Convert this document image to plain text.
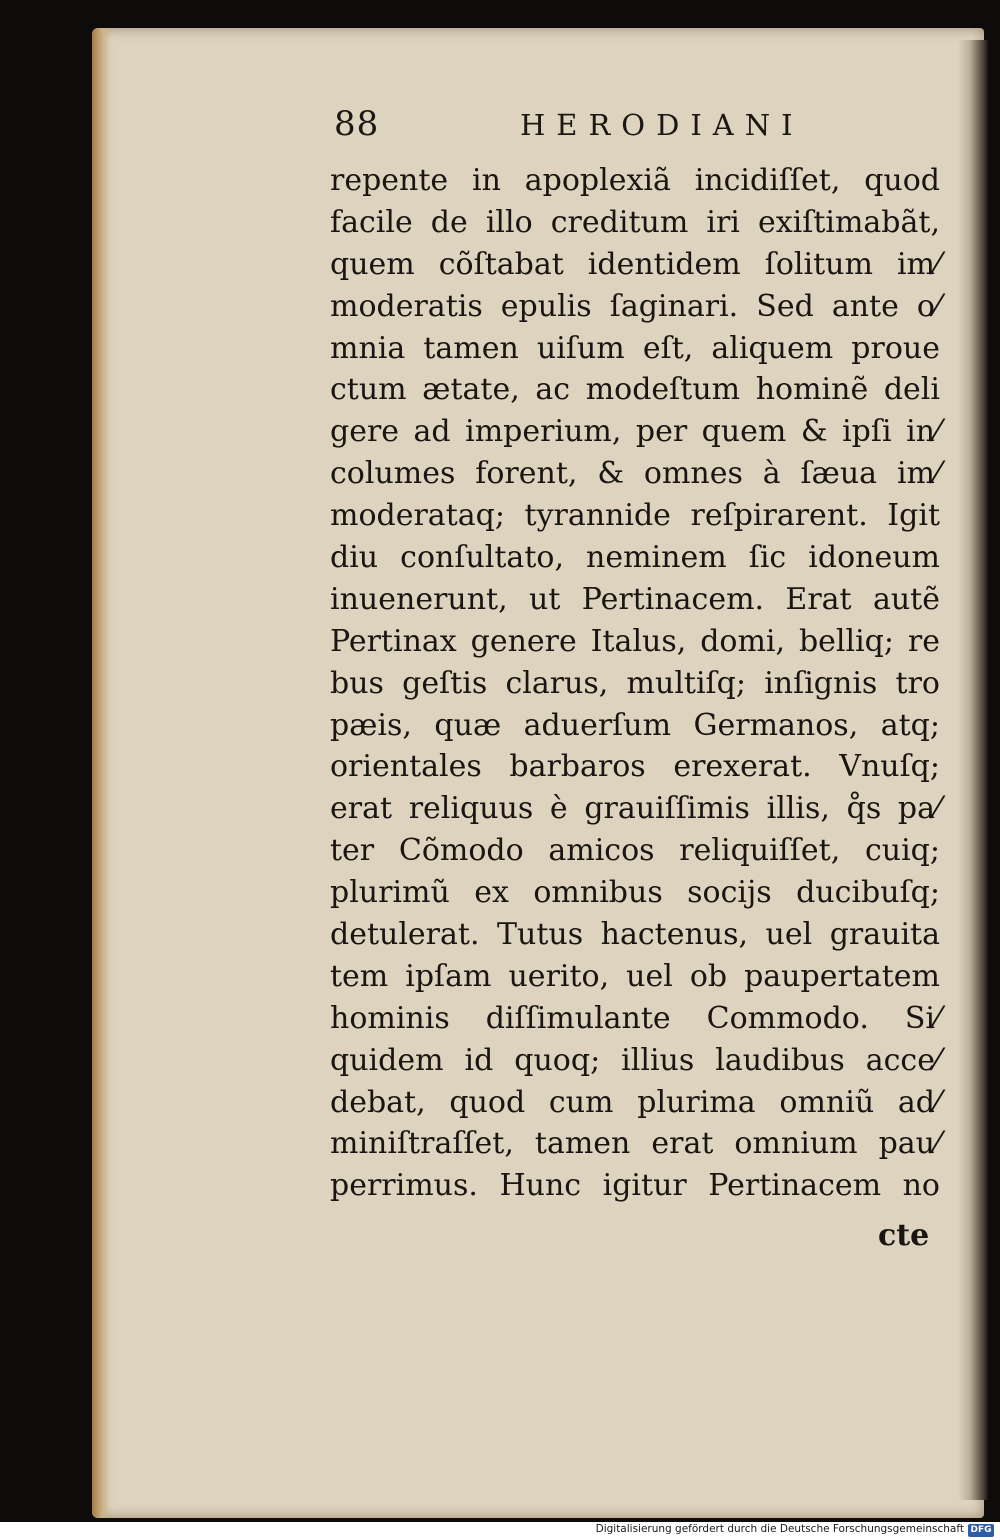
88	HERODIANI
repente in apoplexiã incidiſſet, quod
facile de illo creditum iri exiſtimabãt,
quem cõſtabat identidem ſolitum im⁄
moderatis epulis ſaginari. Sed ante o⁄
mnia tamen uiſum eſt, aliquem proue
ctum ætate, ac modeſtum hominẽ deli
gere ad imperium, per quem & ipſi in⁄
columes forent, & omnes à ſæua im⁄
moderataq; tyrannide reſpirarent. Igit
diu conſultato, neminem ſic idoneum
inuenerunt, ut Pertinacem. Erat autẽ
Pertinax genere Italus, domi, belliq; re
bus geſtis clarus, multiſq; inſignis tro
pæis, quæ aduerſum Germanos, atq;
orientales barbaros erexerat. Vnuſq;
erat reliquus è grauiſſimis illis, q̊s pa⁄
ter Cõmodo amicos reliquiſſet, cuiq;
plurimũ ex omnibus socijs ducibuſq;
detulerat. Tutus hactenus, uel grauita
tem ipſam uerito, uel ob paupertatem
hominis diſſimulante Commodo. Si⁄
quidem id quoq; illius laudibus acce⁄
debat, quod cum plurima omniũ ad⁄
miniſtraſſet, tamen erat omnium pau⁄
perrimus. Hunc igitur Pertinacem no
cte
Digitalisierung gefördert durch die Deutsche Forschungsgemeinschaft DFG
